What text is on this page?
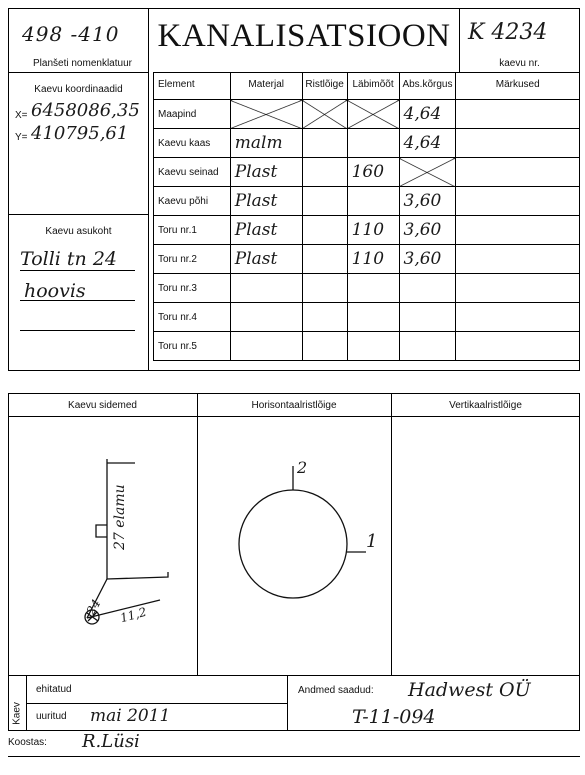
498 -410
Planšeti nomenklatuur
KANALISATSIOON K 4234
kaevu nr.
Kaevu koordinaadid
X= 6458086,35
Y= 410795,61
Kaevu asukoht
Tolli tn 24
hoovis
Element	Materjal	Ristlõige	Läbimõõt	Abs.kõrgus	Märkused
Maapind				4,64	
Kaevu kaas	malm			4,64	
Kaevu seinad	Plast		160		
Kaevu põhi	Plast			3,60	
Toru nr.1	Plast		110	3,60	
Toru nr.2	Plast		110	3,60	
Toru nr.3					
Toru nr.4					
Toru nr.5					
Kaevu sidemed	Horisontaalristlõige	Vertikaalristlõige
27 elamu
24 11,2
2
1
Kaev
ehitatud
uuritud mai 2011
Andmed saadud: Hadwest OÜ
T-11-094
Koostas: R.Lüsi
